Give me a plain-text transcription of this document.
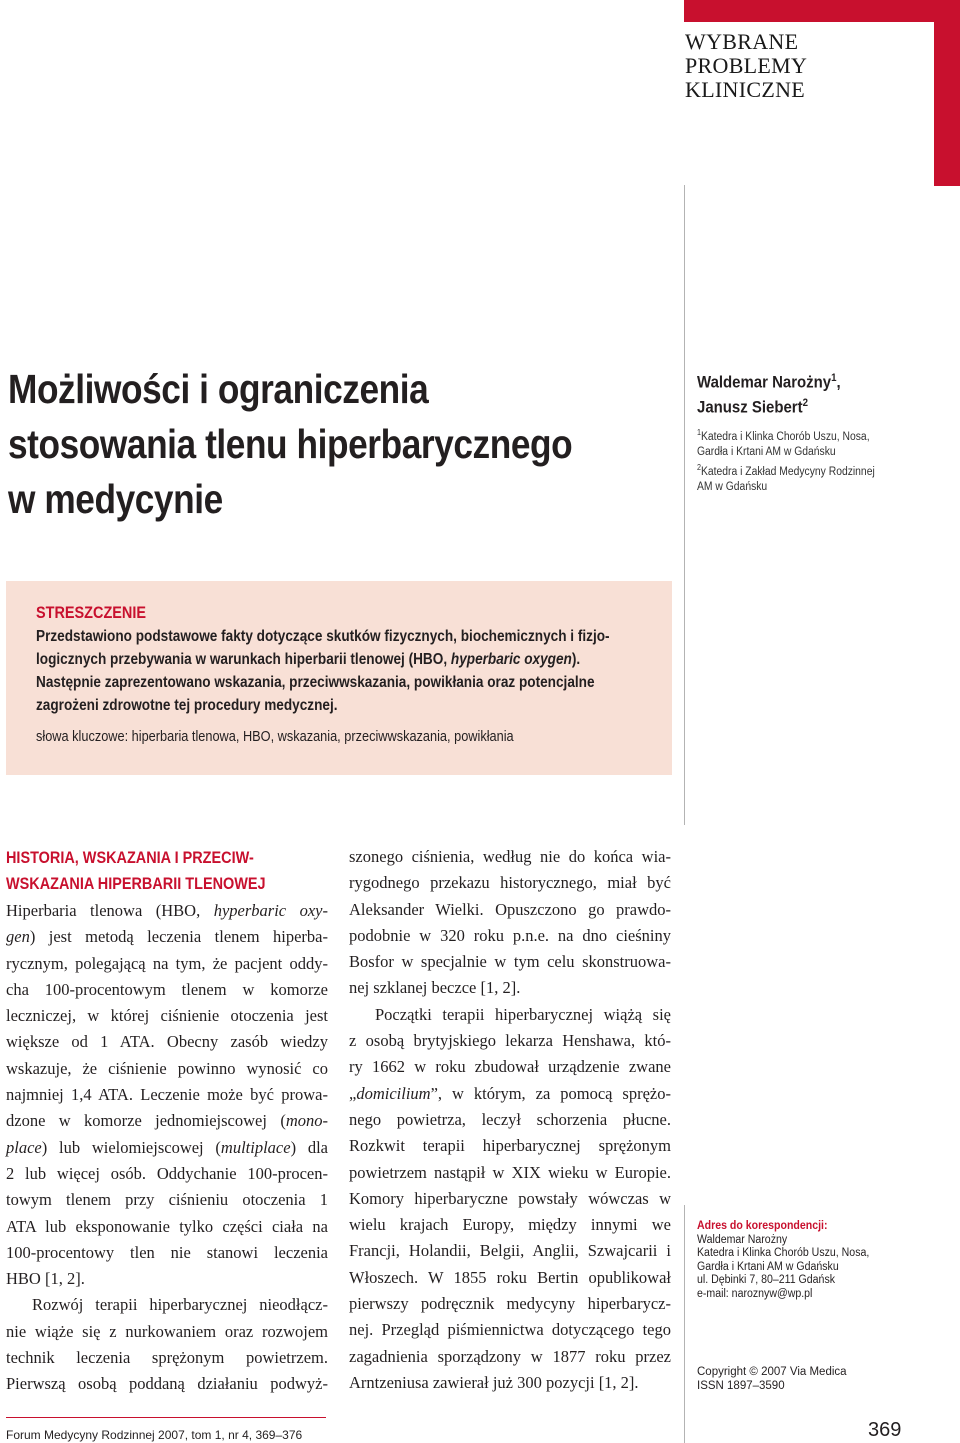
WYBRANE
PROBLEMY
KLINICZNE
Możliwości i ograniczenia
stosowania tlenu hiperbarycznego
w medycynie
Waldemar Narożny$^1$,
Janusz Siebert$^2$
$^1$Katedra i Klinka Chorób Uszu, Nosa,
Gardła i Krtani AM w Gdańsku
$^2$Katedra i Zakład Medycyny Rodzinnej
AM w Gdańsku
STRESZCZENIE
Przedstawiono podstawowe fakty dotyczące skutków fizycznych, biochemicznych i fizjo-
logicznych przebywania w warunkach hiperbarii tlenowej (HBO, hyperbaric oxygen).
Następnie zaprezentowano wskazania, przeciwwskazania, powikłania oraz potencjalne
zagrożeni zdrowotne tej procedury medycznej.
słowa kluczowe: hiperbaria tlenowa, HBO, wskazania, przeciwwskazania, powikłania
HISTORIA, WSKAZANIA I PRZECIW-
WSKAZANIA HIPERBARII TLENOWEJ
Hiperbaria tlenowa (HBO, hyperbaric oxy-
gen) jest metodą leczenia tlenem hiperba-
rycznym, polegającą na tym, że pacjent oddy-
cha 100-procentowym tlenem w komorze
leczniczej, w której ciśnienie otoczenia jest
większe od 1 ATA. Obecny zasób wiedzy
wskazuje, że ciśnienie powinno wynosić co
najmniej 1,4 ATA. Leczenie może być prowa-
dzone w komorze jednomiejscowej (mono-
place) lub wielomiejscowej (multiplace) dla
2 lub więcej osób. Oddychanie 100-procen-
towym tlenem przy ciśnieniu otoczenia 1
ATA lub eksponowanie tylko części ciała na
100-procentowy tlen nie stanowi leczenia
HBO [1, 2].
Rozwój terapii hiperbarycznej nieodłącz-
nie wiąże się z nurkowaniem oraz rozwojem
technik leczenia sprężonym powietrzem.
Pierwszą osobą poddaną działaniu podwyż-
szonego ciśnienia, według nie do końca wia-
rygodnego przekazu historycznego, miał być
Aleksander Wielki. Opuszczono go prawdo-
podobnie w 320 roku p.n.e. na dno cieśniny
Bosfor w specjalnie w tym celu skonstruowa-
nej szklanej beczce [1, 2].
Początki terapii hiperbarycznej wiążą się
z osobą brytyjskiego lekarza Henshawa, któ-
ry 1662 w roku zbudował urządzenie zwane
„domicilium”, w którym, za pomocą sprężo-
nego powietrza, leczył schorzenia płucne.
Rozkwit terapii hiperbarycznej sprężonym
powietrzem nastąpił w XIX wieku w Europie.
Komory hiperbaryczne powstały wówczas w
wielu krajach Europy, między innymi we
Francji, Holandii, Belgii, Anglii, Szwajcarii i
Włoszech. W 1855 roku Bertin opublikował
pierwszy podręcznik medycyny hiperbarycz-
nej. Przegląd piśmiennictwa dotyczącego tego
zagadnienia sporządzony w 1877 roku przez
Arntzeniusa zawierał już 300 pozycji [1, 2].
Adres do korespondencji:
Waldemar Narożny
Katedra i Klinka Chorób Uszu, Nosa,
Gardła i Krtani AM w Gdańsku
ul. Dębinki 7, 80–211 Gdańsk
e-mail: naroznyw@wp.pl
Copyright © 2007 Via Medica
ISSN 1897–3590
Forum Medycyny Rodzinnej 2007, tom 1, nr 4, 369–376	369
